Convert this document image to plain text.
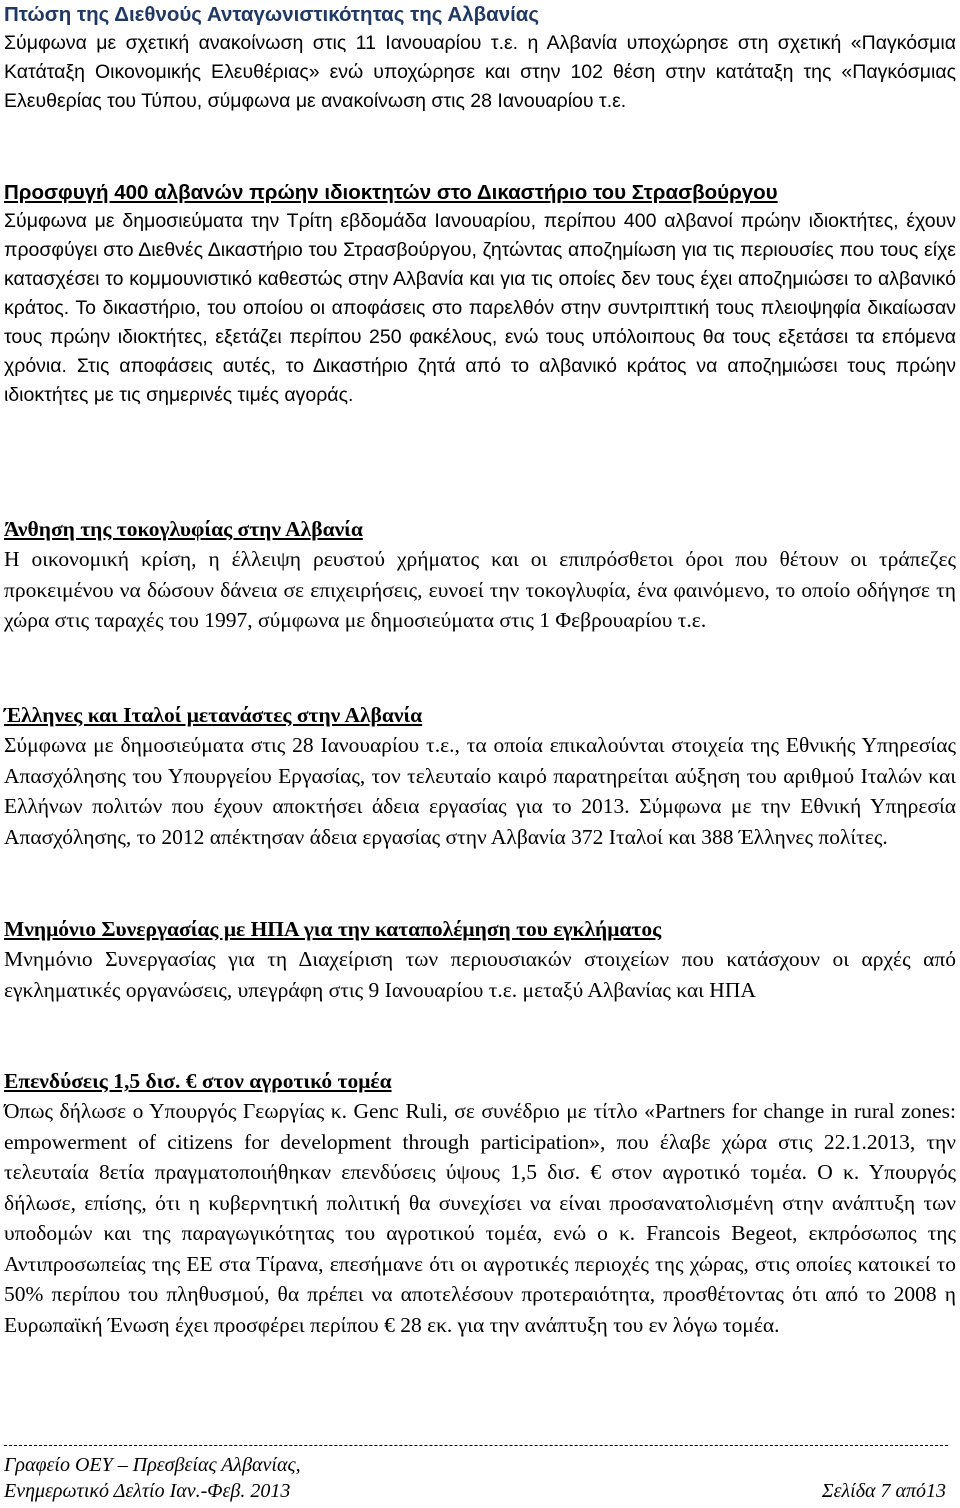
Πτώση της Διεθνούς Ανταγωνιστικότητας της Αλβανίας

Σύμφωνα με σχετική ανακοίνωση στις 11 Ιανουαρίου τ.ε. η Αλβανία υποχώρησε στη σχετική «Παγκόσμια Κατάταξη Οικονομικής Ελευθέριας» ενώ υποχώρησε και στην 102 θέση στην κατάταξη της «Παγκόσμιας Ελευθερίας του Τύπου, σύμφωνα με ανακοίνωση στις 28 Ιανουαρίου τ.ε.

Προσφυγή 400 αλβανών πρώην ιδιοκτητών στο Δικαστήριο του Στρασβούργου

Σύμφωνα με δημοσιεύματα την Τρίτη εβδομάδα Ιανουαρίου, περίπου 400 αλβανοί πρώην ιδιοκτήτες, έχουν προσφύγει στο Διεθνές Δικαστήριο του Στρασβούργου, ζητώντας αποζημίωση για τις περιουσίες που τους είχε κατασχέσει το κομμουνιστικό καθεστώς στην Αλβανία και για τις οποίες δεν τους έχει αποζημιώσει το αλβανικό κράτος. Το δικαστήριο, του οποίου οι αποφάσεις στο παρελθόν στην συντριπτική τους πλειοψηφία δικαίωσαν τους πρώην ιδιοκτήτες, εξετάζει περίπου 250 φακέλους, ενώ τους υπόλοιπους θα τους εξετάσει τα επόμενα χρόνια. Στις αποφάσεις αυτές, το Δικαστήριο ζητά από το αλβανικό κράτος να αποζημιώσει τους πρώην ιδιοκτήτες με τις σημερινές τιμές αγοράς.

Άνθηση της τοκογλυφίας στην Αλβανία

Η οικονομική κρίση, η έλλειψη ρευστού χρήματος και οι επιπρόσθετοι όροι που θέτουν οι τράπεζες προκειμένου να δώσουν δάνεια σε επιχειρήσεις, ευνοεί την τοκογλυφία, ένα φαινόμενο, το οποίο οδήγησε τη χώρα στις ταραχές του 1997, σύμφωνα με δημοσιεύματα στις 1 Φεβρουαρίου τ.ε.

Έλληνες και Ιταλοί μετανάστες στην Αλβανία

Σύμφωνα με δημοσιεύματα στις 28 Ιανουαρίου τ.ε., τα οποία επικαλούνται στοιχεία της Εθνικής Υπηρεσίας Απασχόλησης του Υπουργείου Εργασίας, τον τελευταίο καιρό παρατηρείται αύξηση του αριθμού Ιταλών και Ελλήνων πολιτών που έχουν αποκτήσει άδεια εργασίας για το 2013. Σύμφωνα με την Εθνική Υπηρεσία Απασχόλησης, το 2012 απέκτησαν άδεια εργασίας στην Αλβανία 372 Ιταλοί και 388 Έλληνες πολίτες.

Μνημόνιο Συνεργασίας με ΗΠΑ για την καταπολέμηση του εγκλήματος

Μνημόνιο Συνεργασίας για τη Διαχείριση των περιουσιακών στοιχείων που κατάσχουν οι αρχές από εγκληματικές οργανώσεις, υπεγράφη στις 9 Ιανουαρίου τ.ε. μεταξύ Αλβανίας και ΗΠΑ

Επενδύσεις 1,5 δισ. € στον αγροτικό τομέα

Όπως δήλωσε ο Υπουργός Γεωργίας κ. Genc Ruli, σε συνέδριο με τίτλο «Partners for change in rural zones: empowerment of citizens for development through participation», που έλαβε χώρα στις 22.1.2013, την τελευταία 8ετία πραγματοποιήθηκαν επενδύσεις ύψους 1,5 δισ. € στον αγροτικό τομέα. Ο κ. Υπουργός δήλωσε, επίσης, ότι η κυβερνητική πολιτική θα συνεχίσει να είναι προσανατολισμένη στην ανάπτυξη των υποδομών και της παραγωγικότητας του αγροτικού τομέα, ενώ ο κ. Francois Begeot, εκπρόσωπος της Αντιπροσωπείας της ΕΕ στα Τίρανα, επεσήμανε ότι οι αγροτικές περιοχές της χώρας, στις οποίες κατοικεί το 50% περίπου του πληθυσμού, θα πρέπει να αποτελέσουν προτεραιότητα, προσθέτοντας ότι από το 2008 η Ευρωπαϊκή Ένωση έχει προσφέρει περίπου € 28 εκ. για την ανάπτυξη του εν λόγω τομέα.

Γραφείο ΟΕΥ – Πρεσβείας Αλβανίας,
Ενημερωτικό Δελτίο Ιαν.-Φεβ. 2013	Σελίδα 7 από13
